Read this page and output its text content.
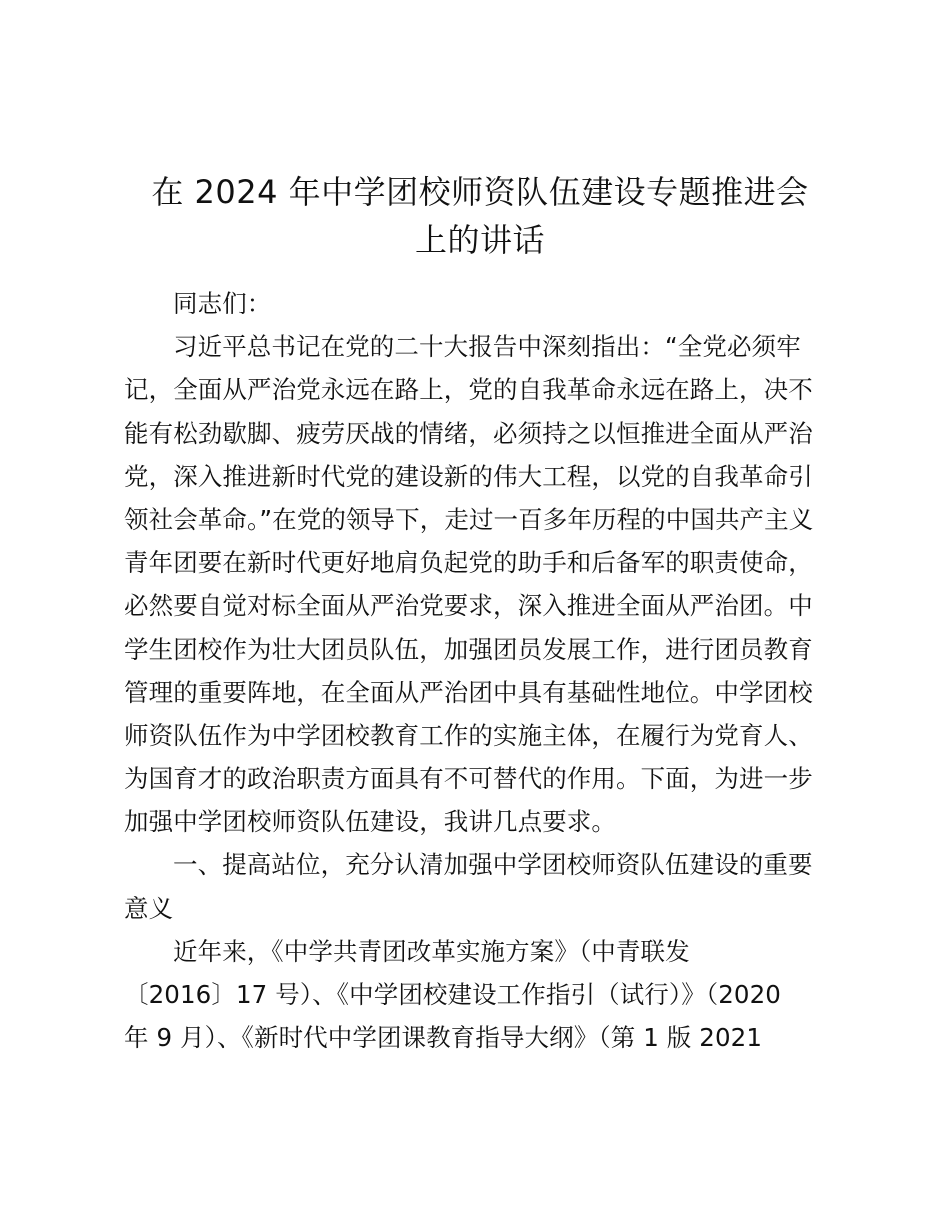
在 2024 年中学团校师资队伍建设专题推进会
上的讲话
同志们：
习近平总书记在党的二十大报告中深刻指出：“全党必须牢
记，全面从严治党永远在路上，党的自我革命永远在路上，决不
能有松劲歇脚、疲劳厌战的情绪，必须持之以恒推进全面从严治
党，深入推进新时代党的建设新的伟大工程，以党的自我革命引
领社会革命。”在党的领导下，走过一百多年历程的中国共产主义
青年团要在新时代更好地肩负起党的助手和后备军的职责使命，
必然要自觉对标全面从严治党要求，深入推进全面从严治团。中
学生团校作为壮大团员队伍，加强团员发展工作，进行团员教育
管理的重要阵地，在全面从严治团中具有基础性地位。中学团校
师资队伍作为中学团校教育工作的实施主体，在履行为党育人、
为国育才的政治职责方面具有不可替代的作用。下面，为进一步
加强中学团校师资队伍建设，我讲几点要求。
一、提高站位，充分认清加强中学团校师资队伍建设的重要
意义
近年来，《中学共青团改革实施方案》（中青联发
〔2016〕17 号）、《中学团校建设工作指引（试行）》（2020
年 9 月）、《新时代中学团课教育指导大纲》（第 1 版 2021
